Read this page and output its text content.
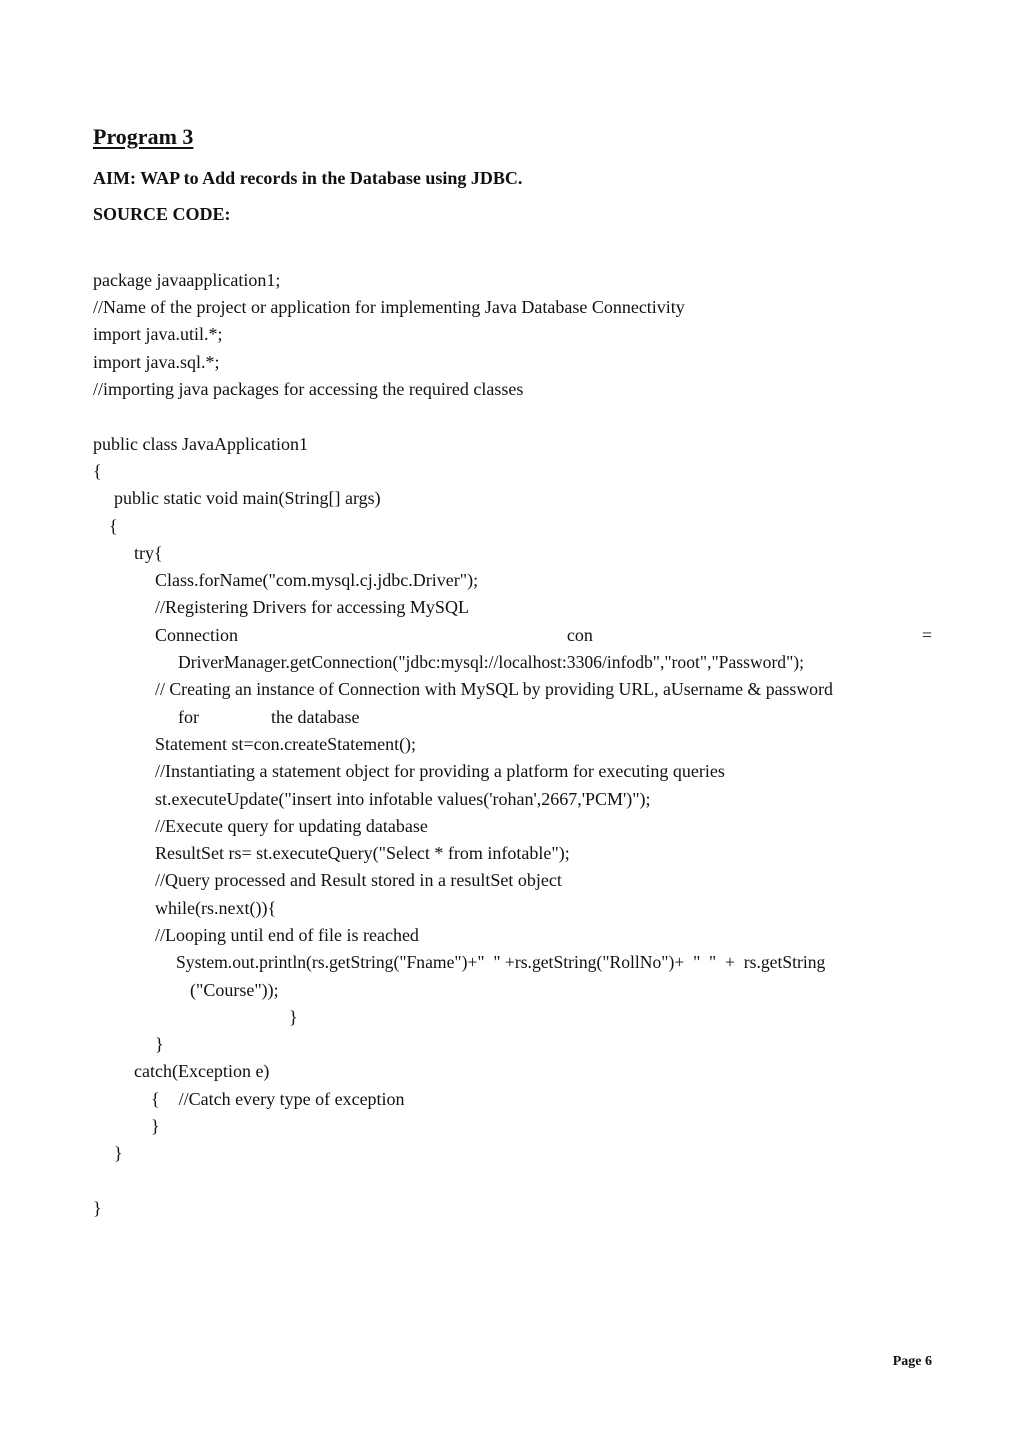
Program 3

AIM: WAP to Add records in the Database using JDBC.

SOURCE CODE:

package javaapplication1;

//Name of the project or application for implementing Java Database Connectivity

import java.util.*;

import java.sql.*;

//importing java packages for accessing the required classes

public class JavaApplication1

{

public static void main(String[] args)

{

try{

Class.forName("com.mysql.cj.jdbc.Driver");

//Registering Drivers for accessing MySQL

Connection	con	=

DriverManager.getConnection("jdbc:mysql://localhost:3306/infodb","root","Password");

// Creating an instance of Connection with MySQL by providing URL, aUsername & password

for	the database

Statement st=con.createStatement();

//Instantiating a statement object for providing a platform for executing queries

st.executeUpdate("insert into infotable values('rohan',2667,'PCM')");

//Execute query for updating database

ResultSet rs= st.executeQuery("Select * from infotable");

//Query processed and Result stored in a resultSet object

while(rs.next()){

//Looping until end of file is reached

System.out.println(rs.getString("Fname")+"  " +rs.getString("RollNo")+  "  "  +  rs.getString

("Course"));

}

}

catch(Exception e)

{ //Catch every type of exception

}

}

}

Page 6
